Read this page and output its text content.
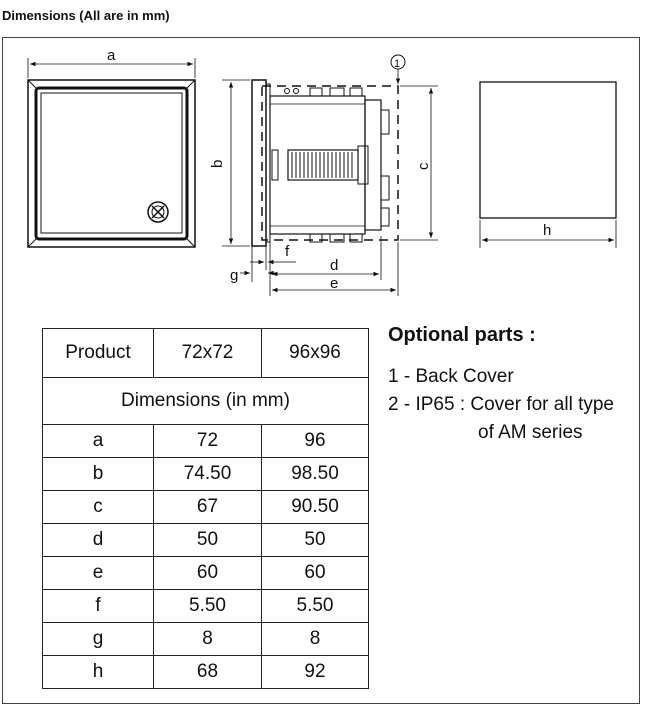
Dimensions (All are in mm)
a	1
b	c
f
g
d
e
h
Product	72x72	96x96
Dimensions (in mm)		
a	72	96
b	74.50	98.50
c	67	90.50
d	50	50
e	60	60
f	5.50	5.50
g	8	8
h	68	92
Optional parts :
1 - Back Cover
2 - IP65 : Cover for all type
of AM series
